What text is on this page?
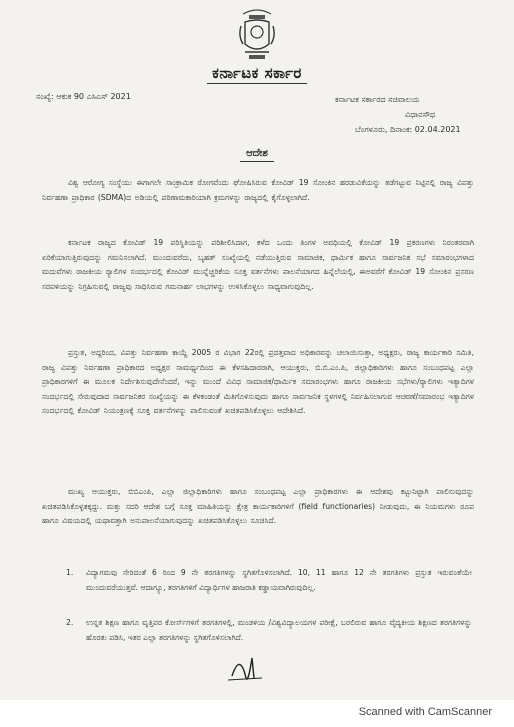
ಕರ್ನಾಟಕ ಸರ್ಕಾರ
ಸಂಖ್ಯೆ: ಆಕುಕ 90 ಎಸಿಎಸ್ 2021	ಕರ್ನಾಟಕ ಸರ್ಕಾರದ ಸಚಿವಾಲಯ
ವಿಧಾನಸೌಧ
ಬೆಂಗಳೂರು, ದಿನಾಂಕ: 02.04.2021
ಆದೇಶ
ವಿಶ್ವ ಆರೋಗ್ಯ ಸಂಸ್ಥೆಯು ಈಗಾಗಲೇ ಸಾಂಕ್ರಾಮಿಕ ರೋಗವೆಂದು ಘೋಷಿಸಿರುವ ಕೋವಿಡ್ 19 ಸೋಂಕಿನ ಹರಡುವಿಕೆಯನ್ನು ತಡೆಗಟ್ಟುವ ನಿಟ್ಟಿನಲ್ಲಿ ರಾಜ್ಯ ವಿಪತ್ತು ನಿರ್ವಹಣಾ ಪ್ರಾಧಿಕಾರ (SDMA)ದ ಅಡಿಯಲ್ಲಿ ಪರಿಣಾಮಕಾರಿಯಾಗಿ ಕ್ರಮಗಳನ್ನು ರಾಜ್ಯದಲ್ಲಿ ಕೈಗೊಳ್ಳಲಾಗಿದೆ.
ಕರ್ನಾಟಕ ರಾಜ್ಯದ ಕೋವಿಡ್ 19 ಪರಿಸ್ಥಿತಿಯನ್ನು ಪರಿಶೀಲಿಸಿದಾಗ, ಕಳೆದ ಒಂದು ತಿಂಗಳ ಅವಧಿಯಲ್ಲಿ ಕೋವಿಡ್ 19 ಪ್ರಕರಣಗಳು ನಿರಂತರವಾಗಿ ಏರಿಕೆಯಾಗುತ್ತಿರುವುದನ್ನು ಗಮನಿಸಲಾಗಿದೆ. ಮುಂದುವರೆದು, ಬೃಹತ್ ಸಂಖ್ಯೆಯಲ್ಲಿ ನಡೆಯುತ್ತಿರುವ ಸಾಮಾಜಿಕ, ಧಾರ್ಮಿಕ ಹಾಗೂ ಸಾರ್ವಜನಿಕ ಸಭೆ ಸಮಾರಂಭಗಳಾದ ಮದುವೆಗಳು ರಾಜಕೀಯ ರ್‍ಯಾಲಿಗಳ ಸಂದರ್ಭದಲ್ಲಿ ಕೋವಿಡ್ ಮುನ್ನೆಚ್ಚರಿಕೆಯ ಸೂಕ್ತ ವರ್ತನೆಗಳು ಪಾಲನೆಯಾಗದ ಹಿನ್ನೆಲೆಯಲ್ಲಿ, ಈಅವರೆಗೆ ಕೋವಿಡ್ 19 ಸೋಂಕಿನ ಪ್ರಸರಣ ಸರಪಳಿಯನ್ನು ನಿಗ್ರಹಿಸುವಲ್ಲಿ ರಾಜ್ಯವು ಸಾಧಿಸಿರುವ ಗಮನಾರ್ಹ ಲಾಭಗಳನ್ನು ಉಳಿಸಿಕೊಳ್ಳಲು ಸಾಧ್ಯವಾಗುವುದಿಲ್ಲ.
ಪ್ರಸ್ತುತ, ಅದ್ದರಿಂದ, ವಿಪತ್ತು ನಿರ್ವಹಣಾ ಕಾಯ್ದೆ 2005 ರ ವಿಭಾಗ 22ರಲ್ಲಿ ಪ್ರದತ್ತವಾದ ಅಧಿಕಾರವನ್ನು ಚಲಾಯಿಸುತ್ತಾ, ಅಧ್ಯಕ್ಷರು, ರಾಜ್ಯ ಕಾರ್ಯಕಾರಿ ಸಮಿತಿ, ರಾಜ್ಯ ವಿಪತ್ತು ನಿರ್ವಹಣಾ ಪ್ರಾಧಿಕಾರದ ಅಧ್ಯಕ್ಷರ ಸಾಮರ್ಥ್ಯದಿಂದ ಈ ಕೆಳಸಹಿದಾರರಾಗಿ, ಆಯುಕ್ತರು, ಬಿ.ಬಿ.ಎಂ.ಪಿ, ಜಿಲ್ಲಾಧಿಕಾರಿಗಳು ಹಾಗೂ ಸಂಬಂಧಪಟ್ಟ ಎಲ್ಲಾ ಪ್ರಾಧಿಕಾರಗಳಿಗೆ ಈ ಮೂಲಕ ನಿರ್ದೇಶಿಸುವುದೇನೆಂದರೆ, ಇನ್ನು ಮುಂದೆ ವಿವಿಧ ಸಾಮಾಜಿಕ/ಧಾರ್ಮಿಕ ಸಮಾರಂಭಗಳು ಹಾಗೂ ರಾಜಕೀಯ ಸಭೆಗಳು/ರ್‍ಯಾಲಿಗಳು ಇತ್ಯಾದಿಗಳ ಸಂದರ್ಭದಲ್ಲಿ ಸೇರುವುದಾದ ಸಾರ್ವಜನಿಕರ ಸಂಖ್ಯೆಯನ್ನು ಈ ಕೆಳಕಂಡಂತೆ ಮಿತಿಗೊಳಿಸುವುದು ಹಾಗೂ ಸಾರ್ವಜನಿಕ ಸ್ಥಳಗಳಲ್ಲಿ ನಿರ್ವಹಿಸಲಾಗುವ ಆಚರಣೆ/ಸಮಾರಂಭ ಇತ್ಯಾದಿಗಳ ಸಂದರ್ಭದಲ್ಲಿ ಕೋವಿಡ್ ನಿಯಂತ್ರಣಕ್ಕೆ ಸೂಕ್ತ ವರ್ತನೆಗಳನ್ನು ಪಾಲಿಸುವಂತೆ ಖಚಿತಪಡಿಸಿಕೊಳ್ಳಲು ಆದೇಶಿಸಿದೆ.
ಮುಖ್ಯ ಆಯುಕ್ತರು, ಬಿಬಿಎಂಪಿ, ಎಲ್ಲಾ ಜಿಲ್ಲಾಧಿಕಾರಿಗಳು ಹಾಗೂ ಸಂಬಂಧಪಟ್ಟ ಎಲ್ಲಾ ಪ್ರಾಧಿಕಾರಗಳು ಈ ಆದೇಶವು ಕಟ್ಟುನಿಟ್ಟಾಗಿ ಪಾಲಿಸುವುದನ್ನು ಖಚಿತಪಡಿಸಿಕೊಳ್ಳತಕ್ಕದ್ದು. ಮತ್ತು ಸದರಿ ಆದೇಶ ಬಗ್ಗೆ ಸೂಕ್ತ ಮಾಹಿತಿಯನ್ನು ಕ್ಷೇತ್ರ ಕಾರ್ಯಕಾರಿಗಳಿಗೆ (field functionaries) ನೀಡುವುದು, ಈ ನಿಯಮಗಳು ರೂಪ ಹಾಗೂ ವಿಷಯದಲ್ಲಿ ಯಥಾವತ್ತಾಗಿ ಅನುಪಾಲನೆಯಾಗುವುದನ್ನು ಖಚಿತಪಡಿಸಿಕೊಳ್ಳಲು ಸೂಚಿಸಿದೆ.
1. ವಿದ್ಯಾಗಮವು ಸೇರಿದಂತೆ 6 ರಿಂದ 9 ನೇ ತರಗತಿಗಳನ್ನು ಸ್ಥಗಿತಗೊಳಿಸಲಾಗಿದೆ. 10, 11 ಹಾಗೂ 12 ನೇ ತರಗತಿಗಳು ಪ್ರಸ್ತುತ ಇರುವಂತೆಯೇ ಮುಂದುವರೆಯುತ್ತವೆ. ಆದಾಗ್ಯೂ, ತರಗತಿಗಳಿಗೆ ವಿದ್ಯಾರ್ಥಿಗಳ ಹಾಜರಾತಿ ಕಡ್ಡಾಯವಾಗಿರುವುದಿಲ್ಲ.
2. ಉನ್ನತ ಶಿಕ್ಷಣ ಹಾಗೂ ವೃತ್ತಿಪರ ಕೋರ್ಸ್‌ಗಳಿಗೆ ತರಗತಿಗಳಲ್ಲಿ, ಮಂಡಳಿಯ /ವಿಶ್ವವಿದ್ಯಾಲಯಗಳ ಪರೀಕ್ಷೆ, ಬರಲಿರುವ ಹಾಗೂ ವೈದ್ಯಕೀಯ ಶಿಕ್ಷಣದ ತರಗತಿಗಳನ್ನು ಹೊರತು ಪಡಿಸಿ, ಇತರ ಎಲ್ಲಾ ತರಗತಿಗಳನ್ನು ಸ್ಥಗಿತಗೊಳಿಸಲಾಗಿದೆ.
Scanned with CamScanner
